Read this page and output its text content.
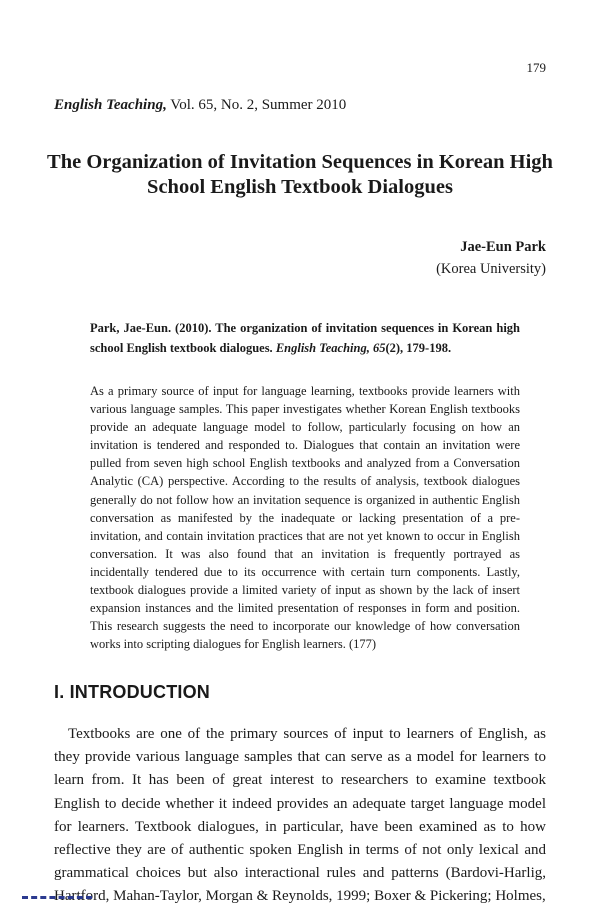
179
English Teaching, Vol. 65, No. 2, Summer 2010
The Organization of Invitation Sequences in Korean High School English Textbook Dialogues
Jae-Eun Park
(Korea University)
Park, Jae-Eun. (2010). The organization of invitation sequences in Korean high school English textbook dialogues. English Teaching, 65(2), 179-198.
As a primary source of input for language learning, textbooks provide learners with various language samples. This paper investigates whether Korean English textbooks provide an adequate language model to follow, particularly focusing on how an invitation is tendered and responded to. Dialogues that contain an invitation were pulled from seven high school English textbooks and analyzed from a Conversation Analytic (CA) perspective. According to the results of analysis, textbook dialogues generally do not follow how an invitation sequence is organized in authentic English conversation as manifested by the inadequate or lacking presentation of a pre-invitation, and contain invitation practices that are not yet known to occur in English conversation. It was also found that an invitation is frequently portrayed as incidentally tendered due to its occurrence with certain turn components. Lastly, textbook dialogues provide a limited variety of input as shown by the lack of insert expansion instances and the limited presentation of responses in form and position. This research suggests the need to incorporate our knowledge of how conversation works into scripting dialogues for English learners. (177)
I. INTRODUCTION
Textbooks are one of the primary sources of input to learners of English, as they provide various language samples that can serve as a model for learners to learn from. It has been of great interest to researchers to examine textbook English to decide whether it indeed provides an adequate target language model for learners. Textbook dialogues, in particular, have been examined as to how reflective they are of authentic spoken English in terms of not only lexical and grammatical choices but also interactional rules and patterns (Bardovi-Harlig, Hartford, Mahan-Taylor, Morgan & Reynolds, 1999; Boxer & Pickering; Holmes,
